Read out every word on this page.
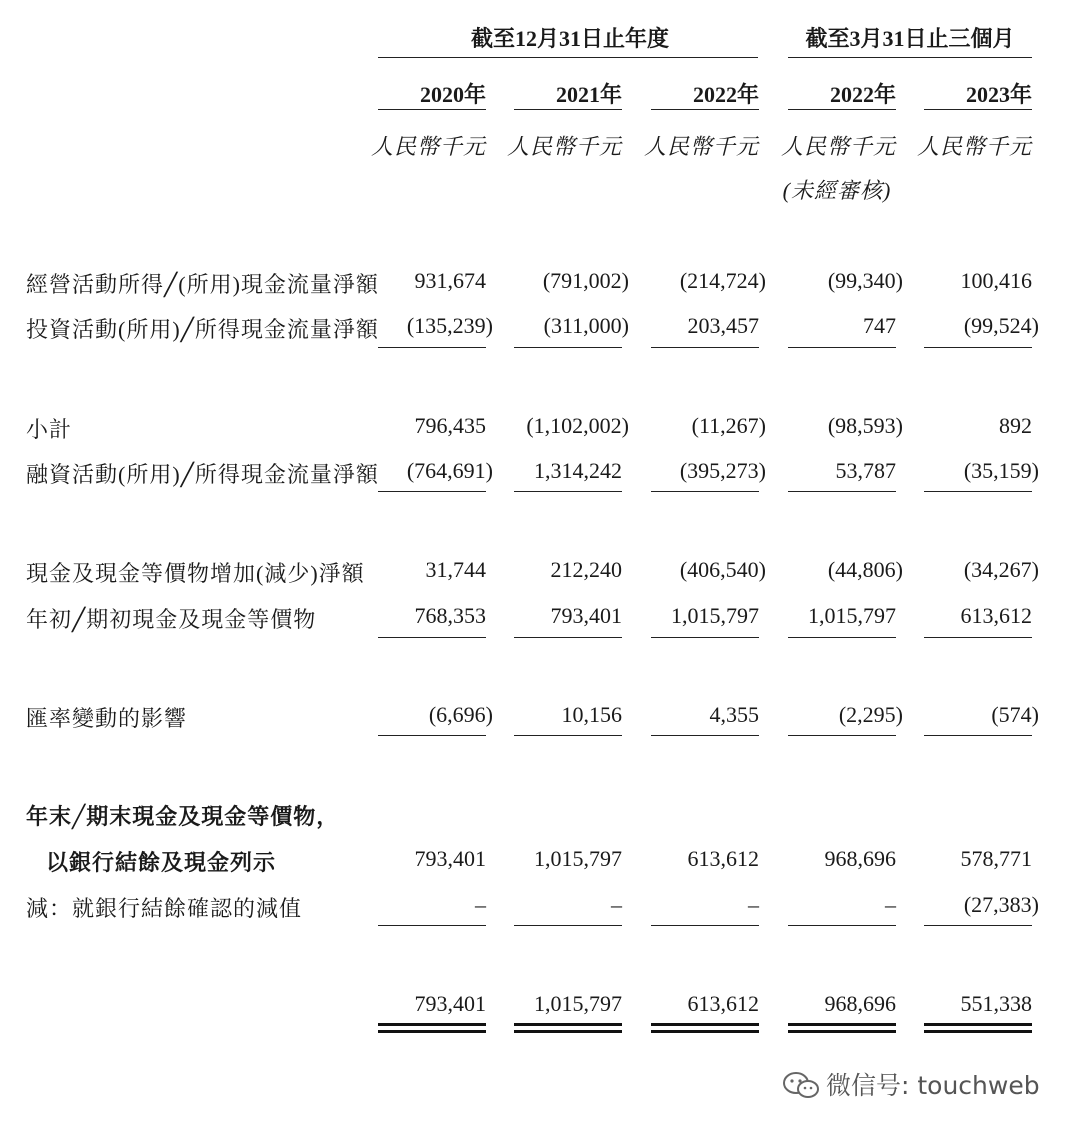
截至12月31日止年度	截至3月31日止三個月
2020年	2021年	2022年	2022年	2023年
人民幣千元 人民幣千元 人民幣千元 人民幣千元 人民幣千元
(未經審核)
經營活動所得╱(所用)現金流量淨額	931,674	(791,002)	(214,724)	(99,340)	100,416
投資活動(所用)╱所得現金流量淨額	(135,239)	(311,000)	203,457	747	(99,524)
小計	796,435	(1,102,002)	(11,267)	(98,593)	892
融資活動(所用)╱所得現金流量淨額	(764,691)	1,314,242	(395,273)	53,787	(35,159)
現金及現金等價物增加(減少)淨額	31,744	212,240	(406,540)	(44,806)	(34,267)
年初╱期初現金及現金等價物	768,353	793,401	1,015,797	1,015,797	613,612
匯率變動的影響	(6,696)	10,156	4,355	(2,295)	(574)
年末╱期末現金及現金等價物，
以銀行結餘及現金列示	793,401	1,015,797	613,612	968,696	578,771
減：就銀行結餘確認的減值	–	–	–	–	(27,383)
793,401	1,015,797	613,612	968,696	551,338
微信号: touchweb
